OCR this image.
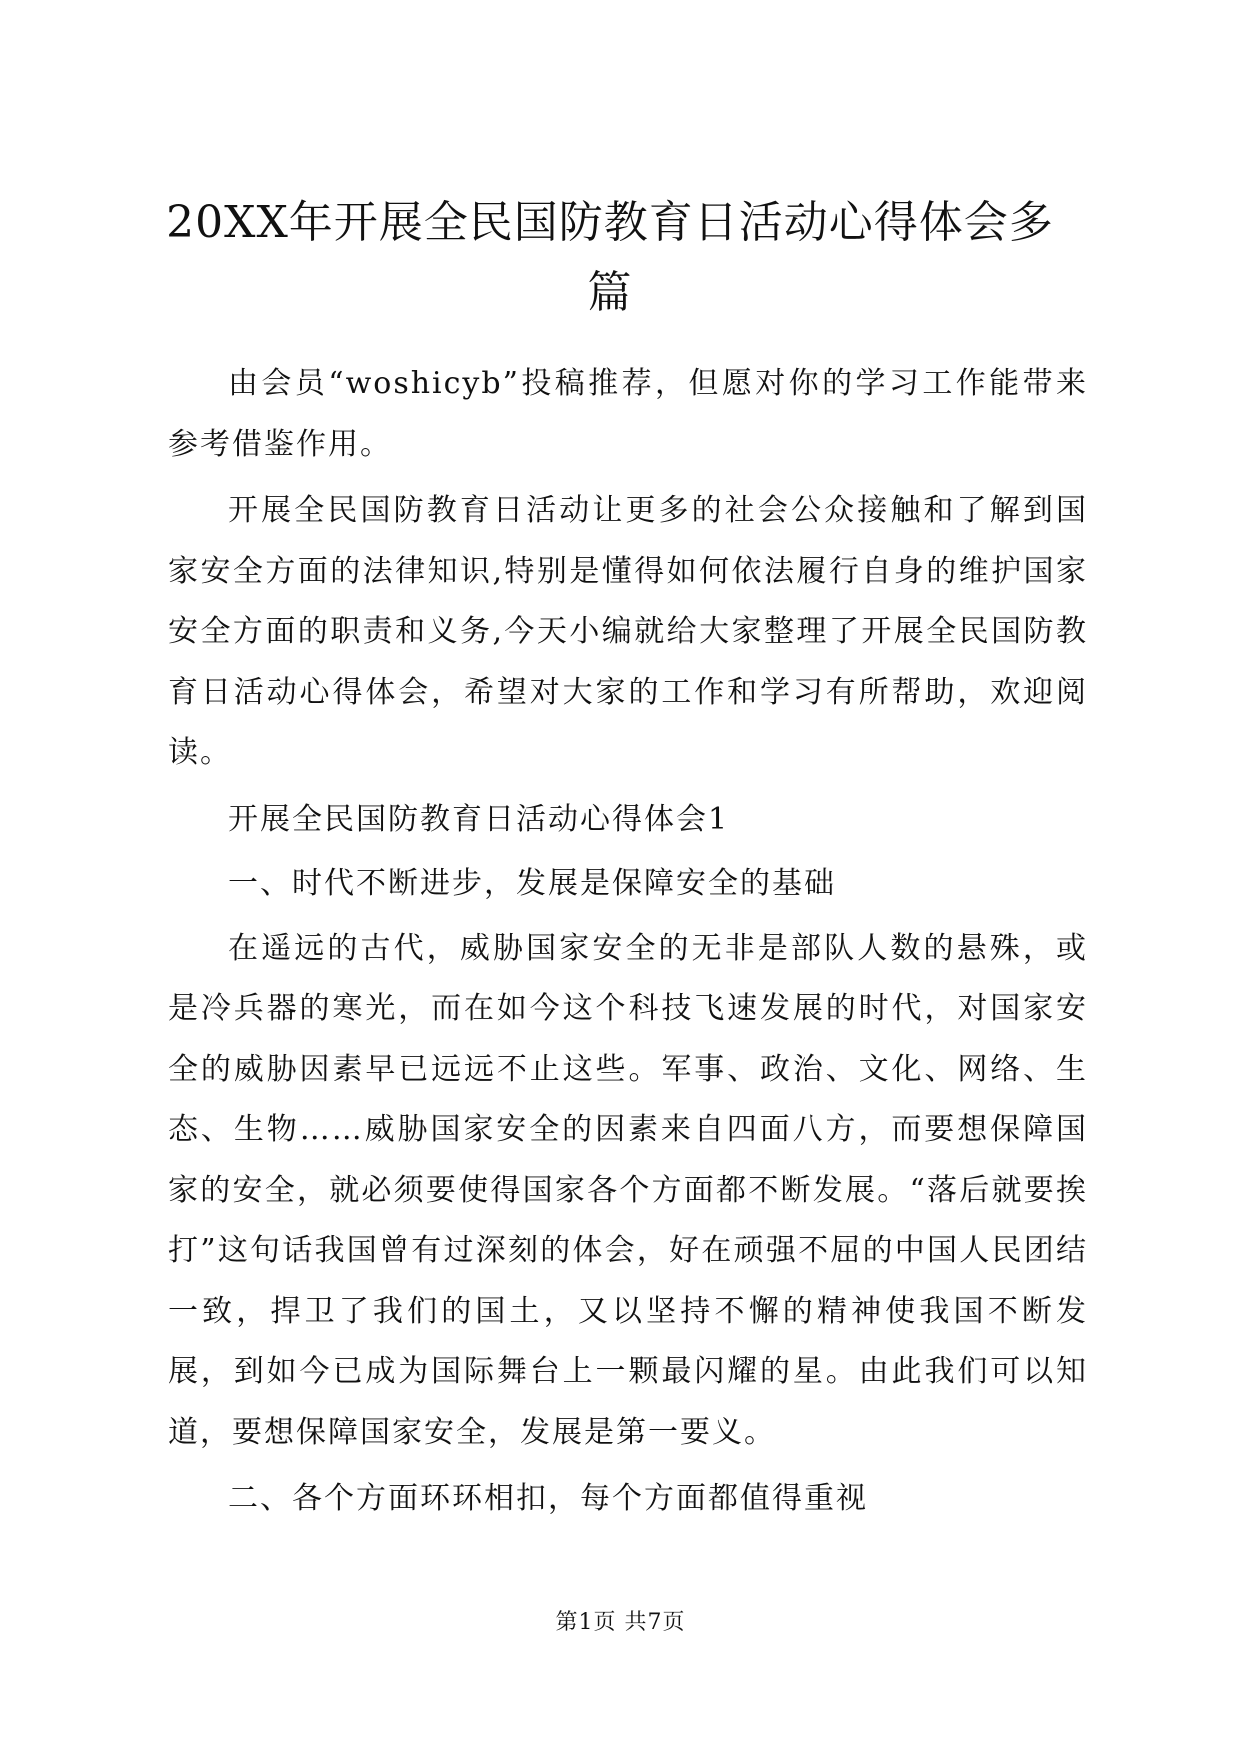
20XX年开展全民国防教育日活动心得体会多篇

由会员“woshicyb”投稿推荐，但愿对你的学习工作能带来参考借鉴作用。

开展全民国防教育日活动让更多的社会公众接触和了解到国家安全方面的法律知识,特别是懂得如何依法履行自身的维护国家安全方面的职责和义务,今天小编就给大家整理了开展全民国防教育日活动心得体会，希望对大家的工作和学习有所帮助，欢迎阅读。

开展全民国防教育日活动心得体会1

一、时代不断进步，发展是保障安全的基础

在遥远的古代，威胁国家安全的无非是部队人数的悬殊，或是冷兵器的寒光，而在如今这个科技飞速发展的时代，对国家安全的威胁因素早已远远不止这些。军事、政治、文化、网络、生态、生物……威胁国家安全的因素来自四面八方，而要想保障国家的安全，就必须要使得国家各个方面都不断发展。“落后就要挨打”这句话我国曾有过深刻的体会，好在顽强不屈的中国人民团结一致，捍卫了我们的国土，又以坚持不懈的精神使我国不断发展，到如今已成为国际舞台上一颗最闪耀的星。由此我们可以知道，要想保障国家安全，发展是第一要义。

二、各个方面环环相扣，每个方面都值得重视

第1页 共7页
